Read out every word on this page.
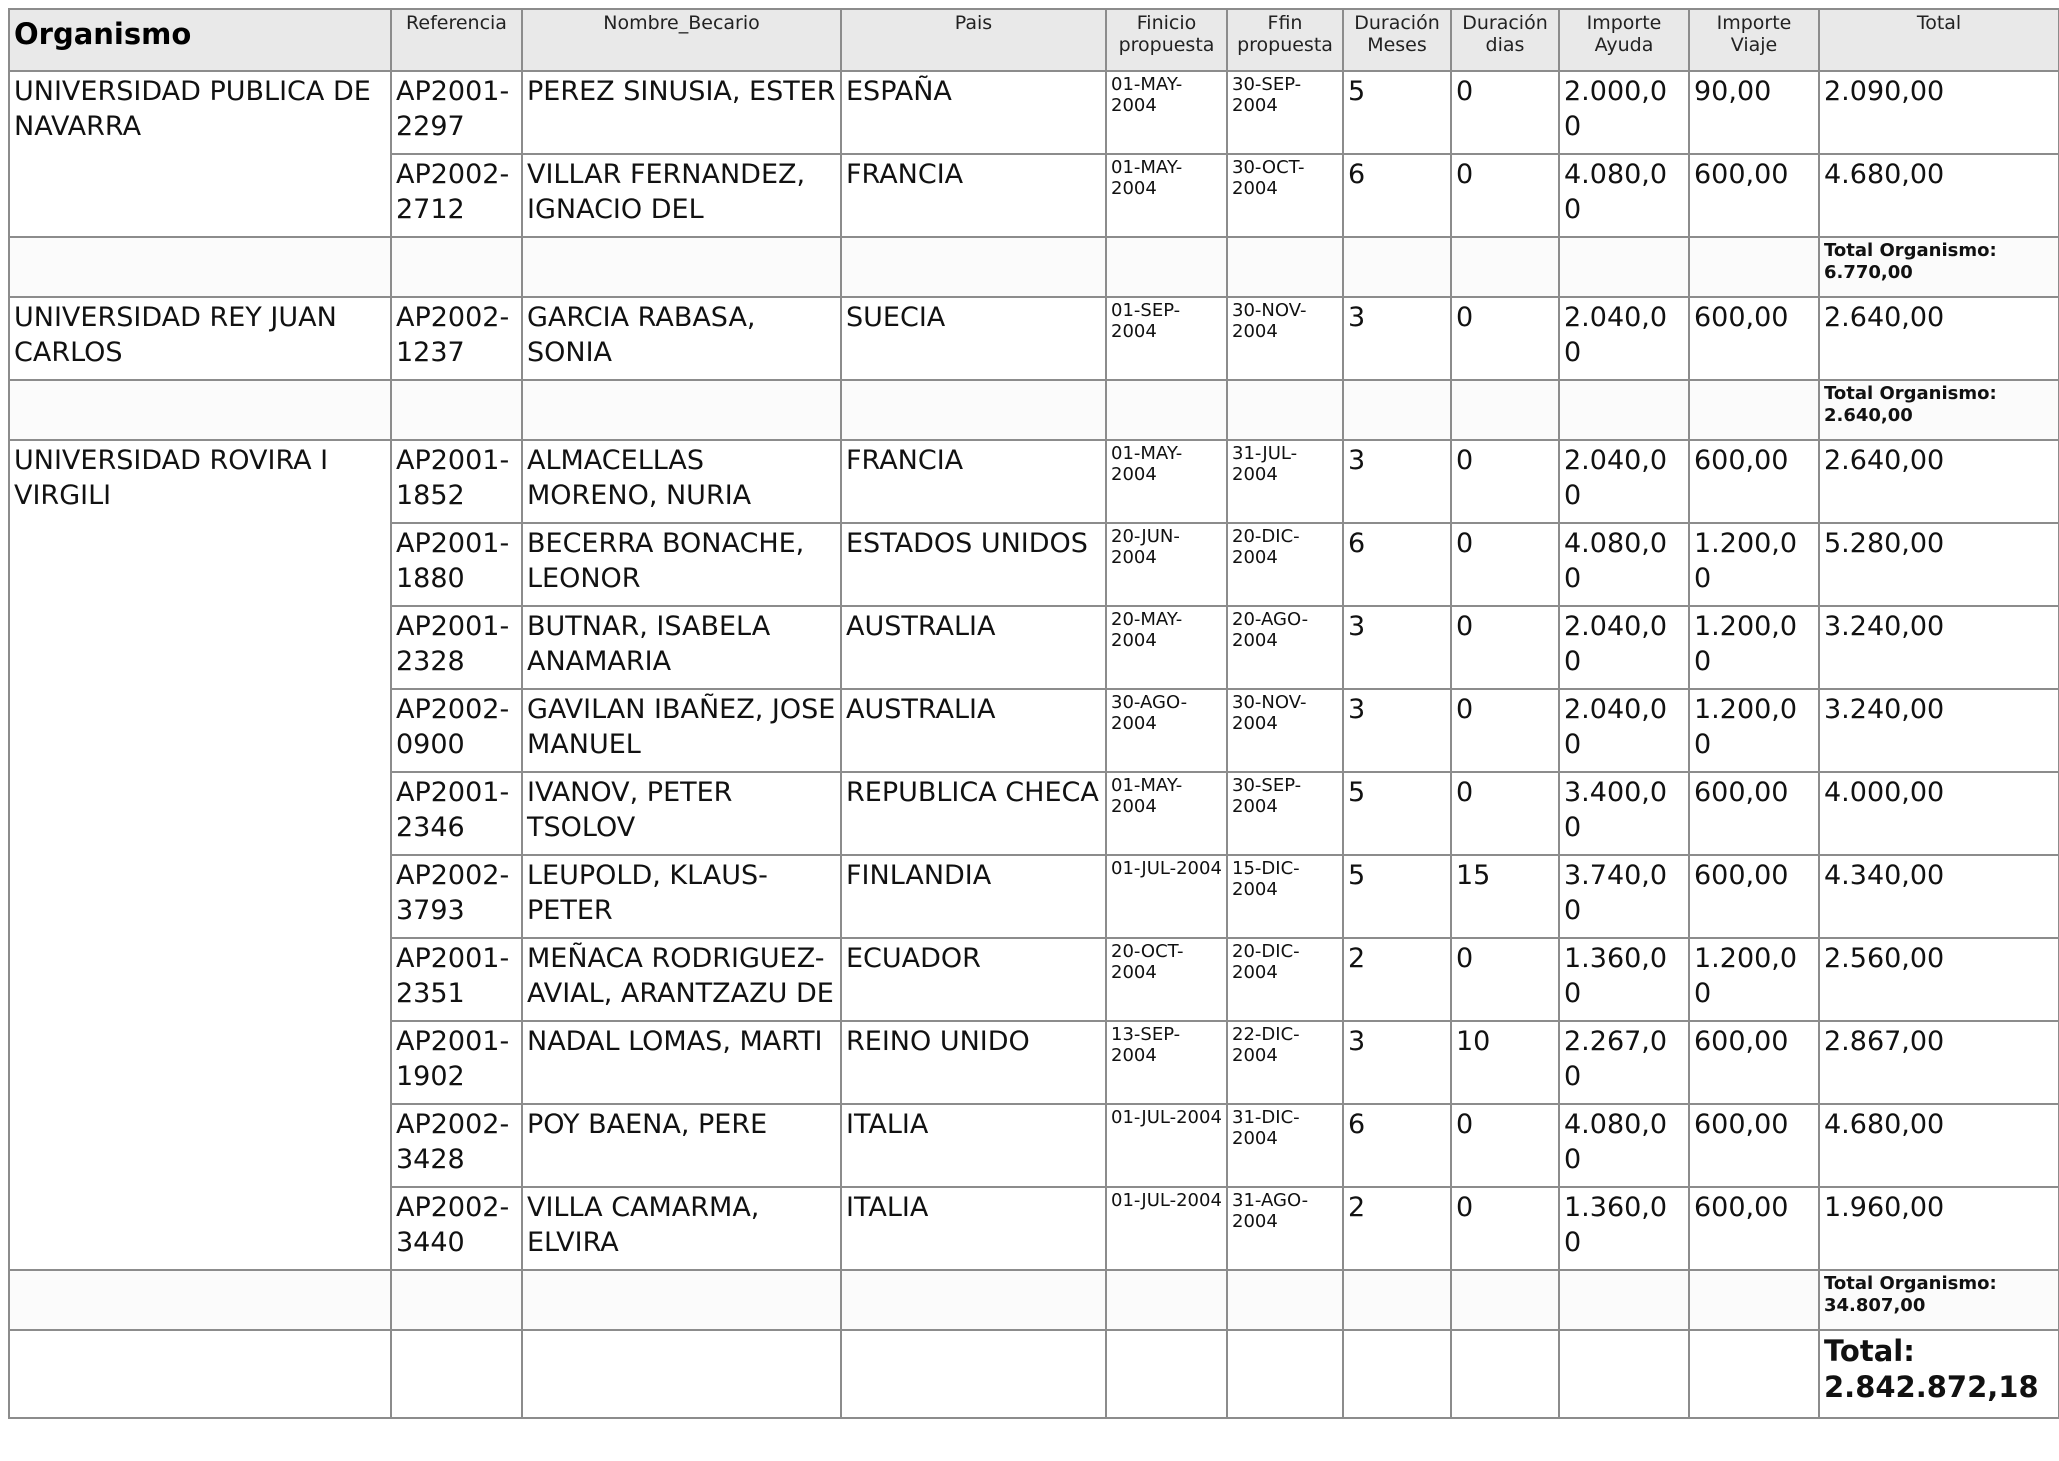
Organismo	Referencia	Nombre_Becario	Pais	Finicio propuesta	Ffin propuesta	Duración Meses	Duración dias	Importe Ayuda	Importe Viaje	Total
UNIVERSIDAD PUBLICA DE NAVARRA	AP2001-2297	PEREZ SINUSIA, ESTER	ESPAÑA	01-MAY-2004	30-SEP-2004	5	0	2.000,00	90,00	2.090,00
	AP2002-2712	VILLAR FERNANDEZ, IGNACIO DEL	FRANCIA	01-MAY-2004	30-OCT-2004	6	0	4.080,00	600,00	4.680,00
										Total Organismo: 6.770,00
UNIVERSIDAD REY JUAN CARLOS	AP2002-1237	GARCIA RABASA, SONIA	SUECIA	01-SEP-2004	30-NOV-2004	3	0	2.040,00	600,00	2.640,00
										Total Organismo: 2.640,00
UNIVERSIDAD ROVIRA I VIRGILI	AP2001-1852	ALMACELLAS MORENO, NURIA	FRANCIA	01-MAY-2004	31-JUL-2004	3	0	2.040,00	600,00	2.640,00
	AP2001-1880	BECERRA BONACHE, LEONOR	ESTADOS UNIDOS	20-JUN-2004	20-DIC-2004	6	0	4.080,00	1.200,00	5.280,00
	AP2001-2328	BUTNAR, ISABELA ANAMARIA	AUSTRALIA	20-MAY-2004	20-AGO-2004	3	0	2.040,00	1.200,00	3.240,00
	AP2002-0900	GAVILAN IBAÑEZ, JOSE MANUEL	AUSTRALIA	30-AGO-2004	30-NOV-2004	3	0	2.040,00	1.200,00	3.240,00
	AP2001-2346	IVANOV, PETER TSOLOV	REPUBLICA CHECA	01-MAY-2004	30-SEP-2004	5	0	3.400,00	600,00	4.000,00
	AP2002-3793	LEUPOLD, KLAUS-PETER	FINLANDIA	01-JUL-2004	15-DIC-2004	5	15	3.740,00	600,00	4.340,00
	AP2001-2351	MEÑACA RODRIGUEZ-AVIAL, ARANTZAZU DE	ECUADOR	20-OCT-2004	20-DIC-2004	2	0	1.360,00	1.200,00	2.560,00
	AP2001-1902	NADAL LOMAS, MARTI	REINO UNIDO	13-SEP-2004	22-DIC-2004	3	10	2.267,00	600,00	2.867,00
	AP2002-3428	POY BAENA, PERE	ITALIA	01-JUL-2004	31-DIC-2004	6	0	4.080,00	600,00	4.680,00
	AP2002-3440	VILLA CAMARMA, ELVIRA	ITALIA	01-JUL-2004	31-AGO-2004	2	0	1.360,00	600,00	1.960,00
										Total Organismo: 34.807,00
										Total: 2.842.872,18
